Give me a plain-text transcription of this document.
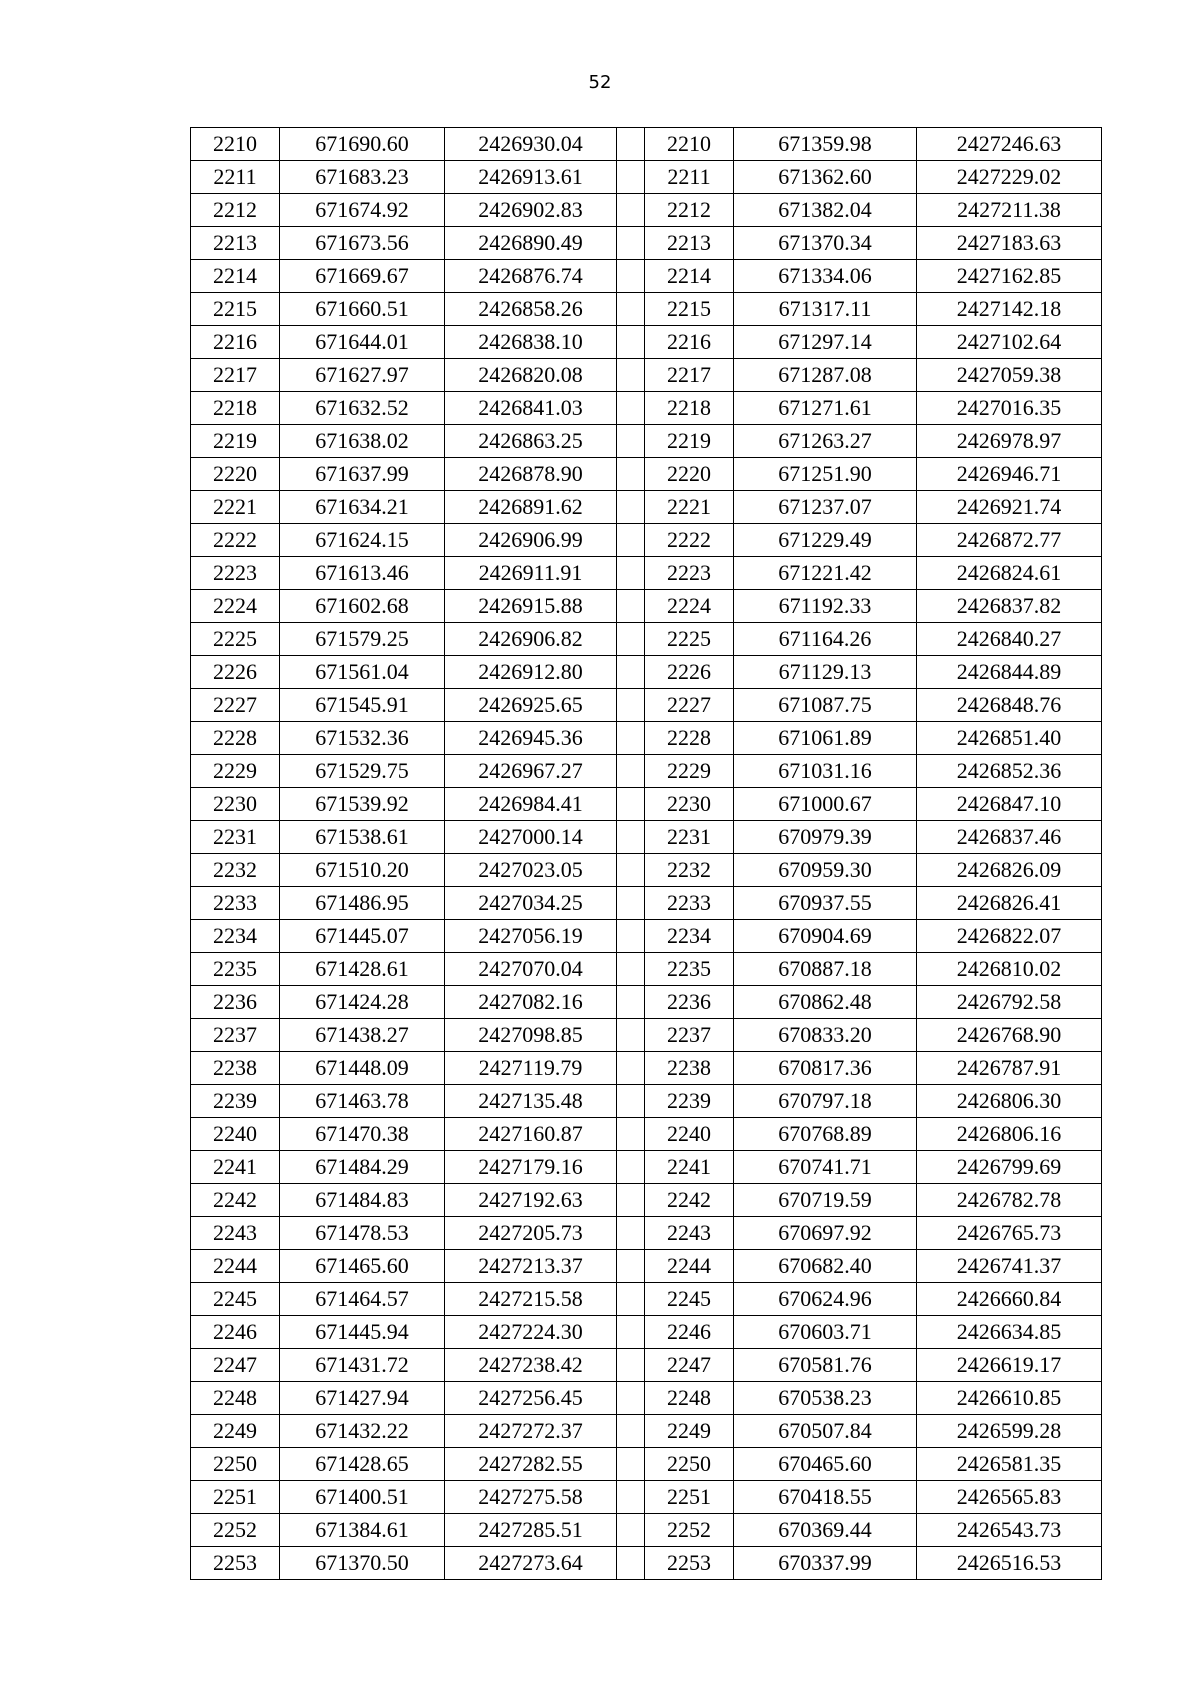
52
2210	671690.60	2426930.04		2210	671359.98	2427246.63
2211	671683.23	2426913.61		2211	671362.60	2427229.02
2212	671674.92	2426902.83		2212	671382.04	2427211.38
2213	671673.56	2426890.49		2213	671370.34	2427183.63
2214	671669.67	2426876.74		2214	671334.06	2427162.85
2215	671660.51	2426858.26		2215	671317.11	2427142.18
2216	671644.01	2426838.10		2216	671297.14	2427102.64
2217	671627.97	2426820.08		2217	671287.08	2427059.38
2218	671632.52	2426841.03		2218	671271.61	2427016.35
2219	671638.02	2426863.25		2219	671263.27	2426978.97
2220	671637.99	2426878.90		2220	671251.90	2426946.71
2221	671634.21	2426891.62		2221	671237.07	2426921.74
2222	671624.15	2426906.99		2222	671229.49	2426872.77
2223	671613.46	2426911.91		2223	671221.42	2426824.61
2224	671602.68	2426915.88		2224	671192.33	2426837.82
2225	671579.25	2426906.82		2225	671164.26	2426840.27
2226	671561.04	2426912.80		2226	671129.13	2426844.89
2227	671545.91	2426925.65		2227	671087.75	2426848.76
2228	671532.36	2426945.36		2228	671061.89	2426851.40
2229	671529.75	2426967.27		2229	671031.16	2426852.36
2230	671539.92	2426984.41		2230	671000.67	2426847.10
2231	671538.61	2427000.14		2231	670979.39	2426837.46
2232	671510.20	2427023.05		2232	670959.30	2426826.09
2233	671486.95	2427034.25		2233	670937.55	2426826.41
2234	671445.07	2427056.19		2234	670904.69	2426822.07
2235	671428.61	2427070.04		2235	670887.18	2426810.02
2236	671424.28	2427082.16		2236	670862.48	2426792.58
2237	671438.27	2427098.85		2237	670833.20	2426768.90
2238	671448.09	2427119.79		2238	670817.36	2426787.91
2239	671463.78	2427135.48		2239	670797.18	2426806.30
2240	671470.38	2427160.87		2240	670768.89	2426806.16
2241	671484.29	2427179.16		2241	670741.71	2426799.69
2242	671484.83	2427192.63		2242	670719.59	2426782.78
2243	671478.53	2427205.73		2243	670697.92	2426765.73
2244	671465.60	2427213.37		2244	670682.40	2426741.37
2245	671464.57	2427215.58		2245	670624.96	2426660.84
2246	671445.94	2427224.30		2246	670603.71	2426634.85
2247	671431.72	2427238.42		2247	670581.76	2426619.17
2248	671427.94	2427256.45		2248	670538.23	2426610.85
2249	671432.22	2427272.37		2249	670507.84	2426599.28
2250	671428.65	2427282.55		2250	670465.60	2426581.35
2251	671400.51	2427275.58		2251	670418.55	2426565.83
2252	671384.61	2427285.51		2252	670369.44	2426543.73
2253	671370.50	2427273.64		2253	670337.99	2426516.53
